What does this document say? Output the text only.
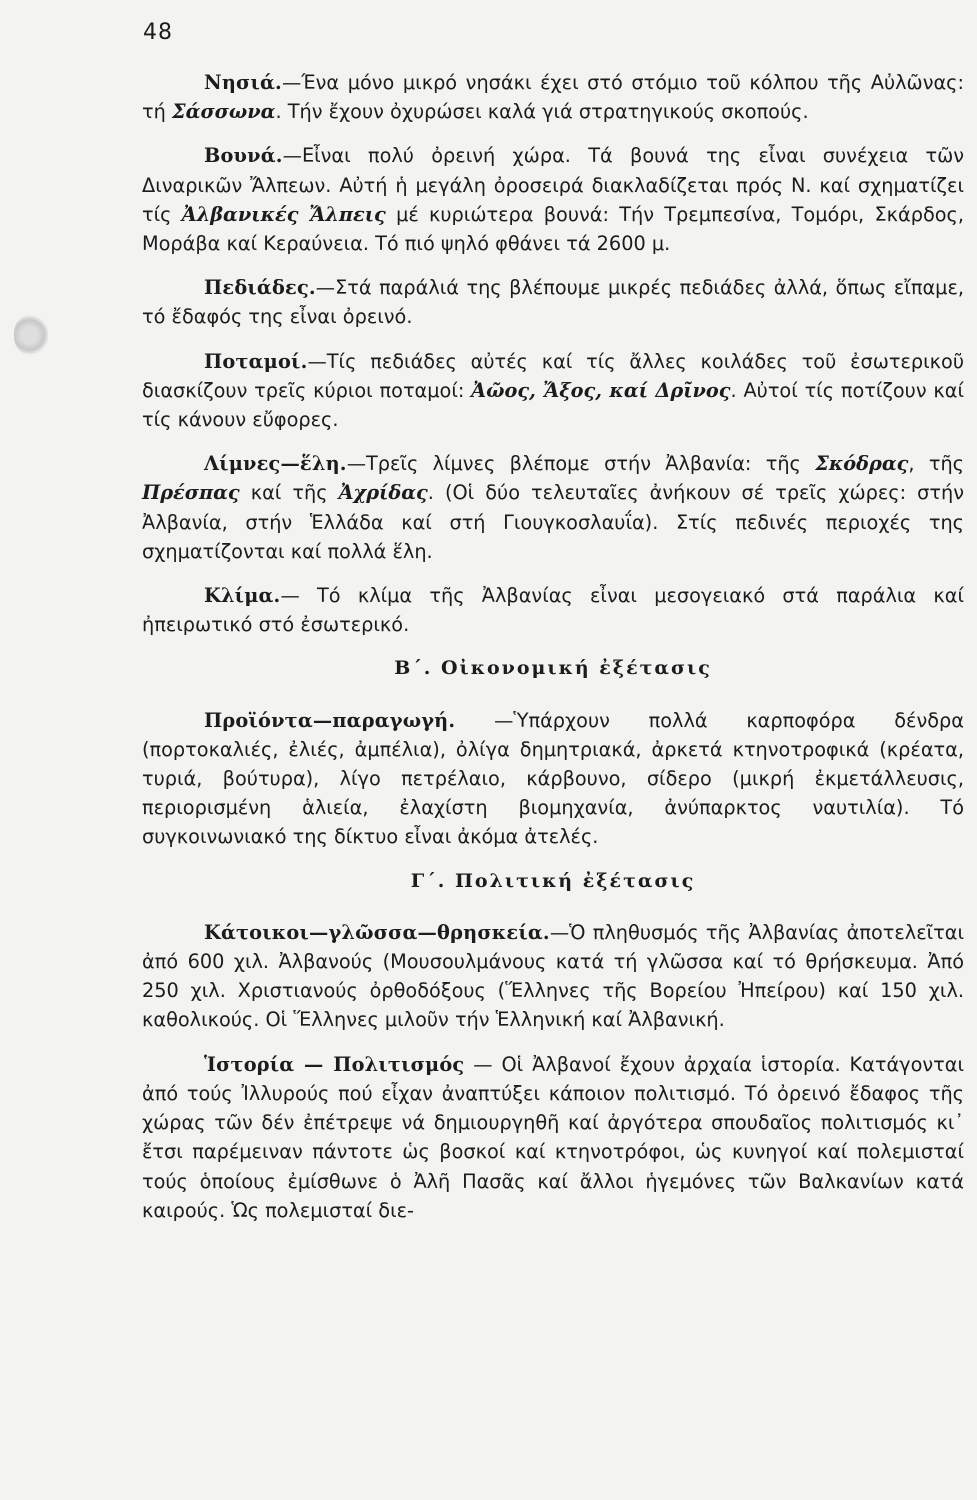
48

Νησιά.—Ένα μόνο μικρό νησάκι έχει στό στόμιο τοῦ κόλπου τῆς Αὐλῶνας: τή Σάσσωνα. Τήν ἔχουν ὀχυρώσει καλά γιά στρατηγικούς σκοπούς.

Βουνά.—Εἶναι πολύ ὀρεινή χώρα. Τά βουνά της εἶναι συνέχεια τῶν Διναρικῶν Ἄλπεων. Αὐτή ἡ μεγάλη ὀροσειρά διακλαδίζεται πρός Ν. καί σχηματίζει τίς Ἀλβανικές Ἄλπεις μέ κυριώτερα βουνά: Τήν Τρεμπεσίνα, Τομόρι, Σκάρδος, Μοράβα καί Κεραύνεια. Τό πιό ψηλό φθάνει τά 2600 μ.

Πεδιάδες.—Στά παράλιά της βλέπουμε μικρές πεδιάδες ἀλλά, ὅπως εἴπαμε, τό ἔδαφός της εἶναι ὀρεινό.

Ποταμοί.—Τίς πεδιάδες αὐτές καί τίς ἄλλες κοιλάδες τοῦ ἐσωτερικοῦ διασκίζουν τρεῖς κύριοι ποταμοί: Ἀῶος, Ἄξος, καί Δρῖνος. Αὐτοί τίς ποτίζουν καί τίς κάνουν εὔφορες.

Λίμνες—ἕλη.—Τρεῖς λίμνες βλέπομε στήν Ἀλβανία: τῆς Σκόδρας, τῆς Πρέσπας καί τῆς Ἀχρίδας. (Οἱ δύο τελευταῖες ἀνήκουν σέ τρεῖς χώρες: στήν Ἀλβανία, στήν Ἑλλάδα καί στή Γιουγκοσλαυΐα). Στίς πεδινές περιοχές της σχηματίζονται καί πολλά ἕλη.

Κλίμα.— Τό κλίμα τῆς Ἀλβανίας εἶναι μεσογειακό στά παράλια καί ἠπειρωτικό στό ἐσωτερικό.

Β΄. Οἰκονομική ἐξέτασις

Προϊόντα—παραγωγή. —Ὑπάρχουν πολλά καρποφόρα δένδρα (πορτοκαλιές, ἐλιές, ἀμπέλια), ὀλίγα δημητριακά, ἀρκετά κτηνοτροφικά (κρέατα, τυριά, βούτυρα), λίγο πετρέλαιο, κάρβουνο, σίδερο (μικρή ἐκμετάλλευσις, περιορισμένη ἁλιεία, ἐλαχίστη βιομηχανία, ἀνύπαρκτος ναυτιλία). Τό συγκοινωνιακό της δίκτυο εἶναι ἀκόμα ἀτελές.

Γ΄. Πολιτική ἐξέτασις

Κάτοικοι—γλῶσσα—θρησκεία.—Ὁ πληθυσμός τῆς Ἀλβανίας ἀποτελεῖται ἀπό 600 χιλ. Ἀλβανούς (Μουσουλμάνους κατά τή γλῶσσα καί τό θρήσκευμα. Ἀπό 250 χιλ. Χριστιανούς ὀρθοδόξους (Ἕλληνες τῆς Βορείου Ἠπείρου) καί 150 χιλ. καθολικούς. Οἱ Ἕλληνες μιλοῦν τήν Ἑλληνική καί Ἀλβανική.

Ἱστορία — Πολιτισμός — Οἱ Ἀλβανοί ἔχουν ἀρχαία ἱστορία. Κατάγονται ἀπό τούς Ἰλλυρούς πού εἶχαν ἀναπτύξει κάποιον πολιτισμό. Τό ὀρεινό ἔδαφος τῆς χώρας τῶν δέν ἐπέτρεψε νά δημιουργηθῆ καί ἀργότερα σπουδαῖος πολιτισμός κι᾿ ἔτσι παρέμειναν πάντοτε ὡς βοσκοί καί κτηνοτρόφοι, ὡς κυνηγοί καί πολεμισταί τούς ὁποίους ἐμίσθωνε ὁ Ἀλῆ Πασᾶς καί ἄλλοι ἡγεμόνες τῶν Βαλκανίων κατά καιρούς. Ὡς πολεμισταί διε-
